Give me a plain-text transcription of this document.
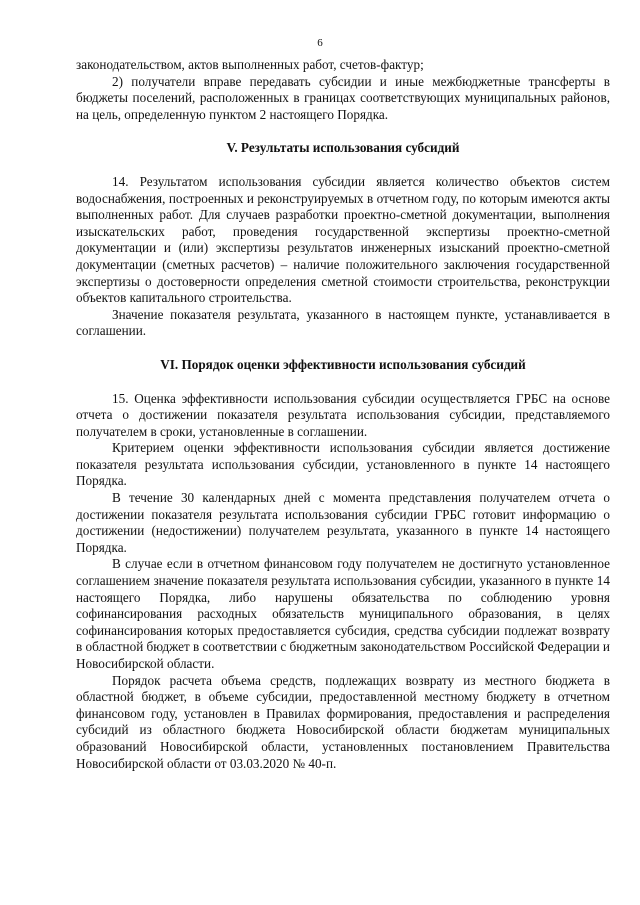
6

законодательством, актов выполненных работ, счетов-фактур;

2) получатели вправе передавать субсидии и иные межбюджетные трансферты в бюджеты поселений, расположенных в границах соответствующих муниципальных районов, на цель, определенную пунктом 2 настоящего Порядка.

V. Результаты использования субсидий

14. Результатом использования субсидии является количество объектов систем водоснабжения, построенных и реконструируемых в отчетном году, по которым имеются акты выполненных работ. Для случаев разработки проектно-сметной документации, выполнения изыскательских работ, проведения государственной экспертизы проектно-сметной документации и (или) экспертизы результатов инженерных изысканий проектно-сметной документации (сметных расчетов) – наличие положительного заключения государственной экспертизы о достоверности определения сметной стоимости строительства, реконструкции объектов капитального строительства.

Значение показателя результата, указанного в настоящем пункте, устанавливается в соглашении.

VI. Порядок оценки эффективности использования субсидий

15. Оценка эффективности использования субсидии осуществляется ГРБС на основе отчета о достижении показателя результата использования субсидии, представляемого получателем в сроки, установленные в соглашении.

Критерием оценки эффективности использования субсидии является достижение показателя результата использования субсидии, установленного в пункте 14 настоящего Порядка.

В течение 30 календарных дней с момента представления получателем отчета о достижении показателя результата использования субсидии ГРБС готовит информацию о достижении (недостижении) получателем результата, указанного в пункте 14 настоящего Порядка.

В случае если в отчетном финансовом году получателем не достигнуто установленное соглашением значение показателя результата использования субсидии, указанного в пункте 14 настоящего Порядка, либо нарушены обязательства по соблюдению уровня софинансирования расходных обязательств муниципального образования, в целях софинансирования которых предоставляется субсидия, средства субсидии подлежат возврату в областной бюджет в соответствии с бюджетным законодательством Российской Федерации и Новосибирской области.

Порядок расчета объема средств, подлежащих возврату из местного бюджета в областной бюджет, в объеме субсидии, предоставленной местному бюджету в отчетном финансовом году, установлен в Правилах формирования, предоставления и распределения субсидий из областного бюджета Новосибирской области бюджетам муниципальных образований Новосибирской области, установленных постановлением Правительства Новосибирской области от 03.03.2020 № 40-п.
